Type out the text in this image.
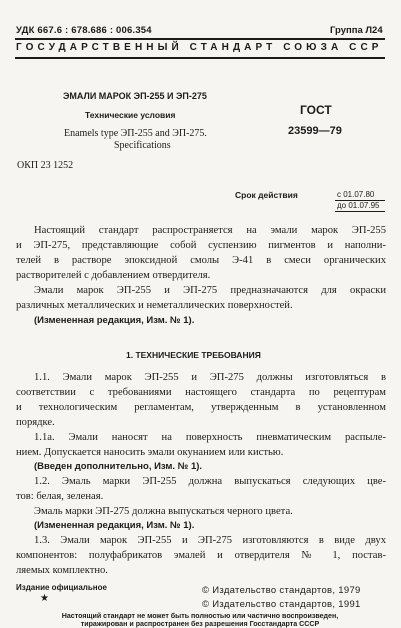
УДК 667.6 : 678.686 : 006.354	Группа Л24
ГОСУДАРСТВЕННЫЙ СТАНДАРТ СОЮЗА ССР
ЭМАЛИ МАРОК ЭП-255 И ЭП-275
Технические условия
Enamels type ЭП-255 and ЭП-275.
Specifications
ГОСТ
23599—79
ОКП 23 1252
Срок действия	с 01.07.80
до 01.07.95
Настоящий стандарт распространяется на эмали марок ЭП-255
и ЭП-275, представляющие собой суспензию пигментов и наполни-
телей в растворе эпоксидной смолы Э-41 в смеси органических
растворителей с добавлением отвердителя.
Эмали марок ЭП-255 и ЭП-275 предназначаются для окраски
различных металлических и неметаллических поверхностей.
(Измененная редакция, Изм. № 1).
1. ТЕХНИЧЕСКИЕ ТРЕБОВАНИЯ
1.1. Эмали марок ЭП-255 и ЭП-275 должны изготовляться в
соответствии с требованиями настоящего стандарта по рецептурам
и технологическим регламентам, утвержденным в установленном
порядке.
1.1а. Эмали наносят на поверхность пневматическим распыле-
нием. Допускается наносить эмали окунанием или кистью.
(Введен дополнительно, Изм. № 1).
1.2. Эмаль марки ЭП-255 должна выпускаться следующих цве-
тов: белая, зеленая.
Эмаль марки ЭП-275 должна выпускаться черного цвета.
(Измененная редакция, Изм. № 1).
1.3. Эмали марок ЭП-255 и ЭП-275 изготовляются в виде двух
компонентов: полуфабрикатов эмалей и отвердителя № 1, постав-
ляемых комплектно.
Издание официальное
★
© Издательство стандартов, 1979
© Издательство стандартов, 1991
Настоящий стандарт не может быть полностью или частично воспроизведен,
тиражирован и распространен без разрешения Госстандарта СССР
